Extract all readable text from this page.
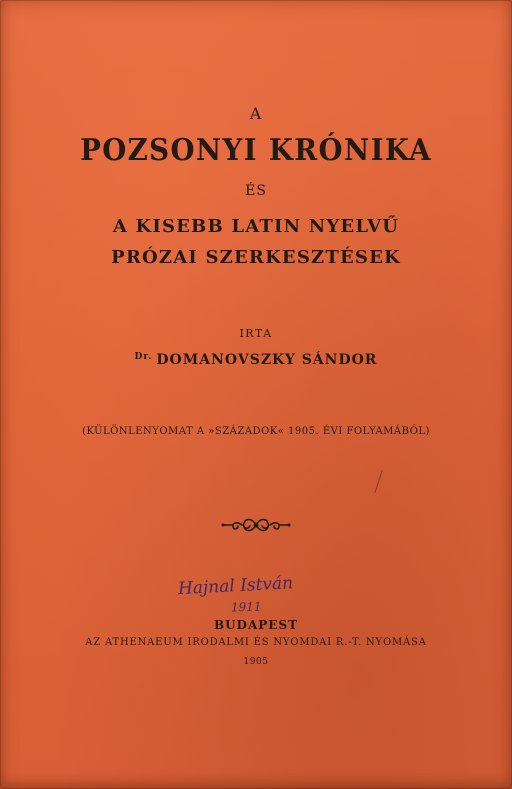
A
POZSONYI KRÓNIKA
ÉS
A KISEBB LATIN NYELVŰ
PRÓZAI SZERKESZTÉSEK
IRTA
$^{Dr.}$ DOMANOVSZKY SÁNDOR
(KÜLÖNLENYOMAT A »SZÁZADOK« 1905. ÉVI FOLYAMÁBÓL)
Hajnal István
1911
BUDAPEST
AZ ATHENAEUM IRODALMI ÉS NYOMDAI R.-T. NYOMÁSA
1905
